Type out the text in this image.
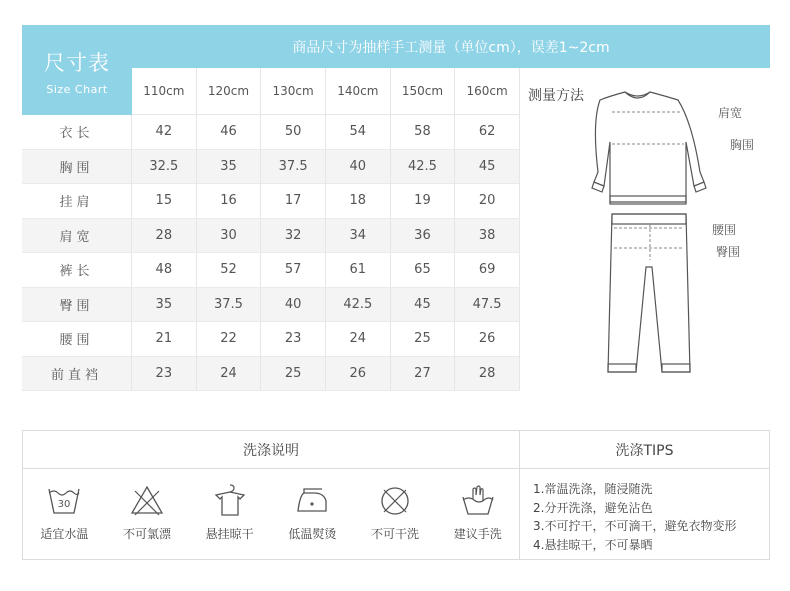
尺寸表
Size Chart
商品尺寸为抽样手工测量（单位cm），误差1~2cm
110cm	120cm	130cm	140cm	150cm	160cm
衣长	42	46	50	54	58	62
胸围	32.5	35	37.5	40	42.5	45
挂肩	15	16	17	18	19	20
肩宽	28	30	32	34	36	38
裤长	48	52	57	61	65	69
臀围	35	37.5	40	42.5	45	47.5
腰围	21	22	23	24	25	26
前直裆	23	24	25	26	27	28
测量方法
肩宽
胸围
腰围
臀围
洗涤说明	洗涤TIPS
30
适宜水温	不可氯漂	悬挂晾干	低温熨烫	不可干洗	建议手洗
1.常温洗涤，随浸随洗
2.分开洗涤，避免沾色
3.不可拧干，不可滴干，避免衣物变形
4.悬挂晾干，不可暴晒
